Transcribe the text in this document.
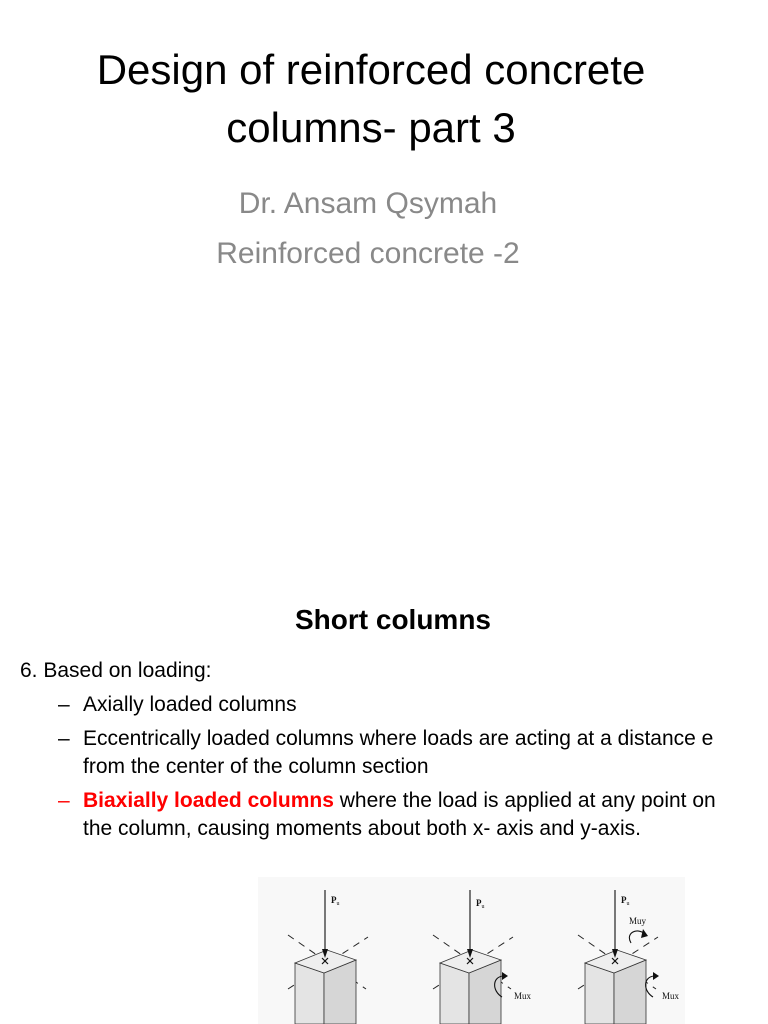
Design of reinforced concrete
columns- part 3
Dr. Ansam Qsymah
Reinforced concrete -2
Short columns
6. Based on loading:
– Axially loaded columns
– Eccentrically loaded columns where loads are acting at a distance e from the center of the column section
– Biaxially loaded columns where the load is applied at any point on the column, causing moments about both x- axis and y-axis.
$P_u$	$P_u$
Mux
$P_u$
Muy
Mux
